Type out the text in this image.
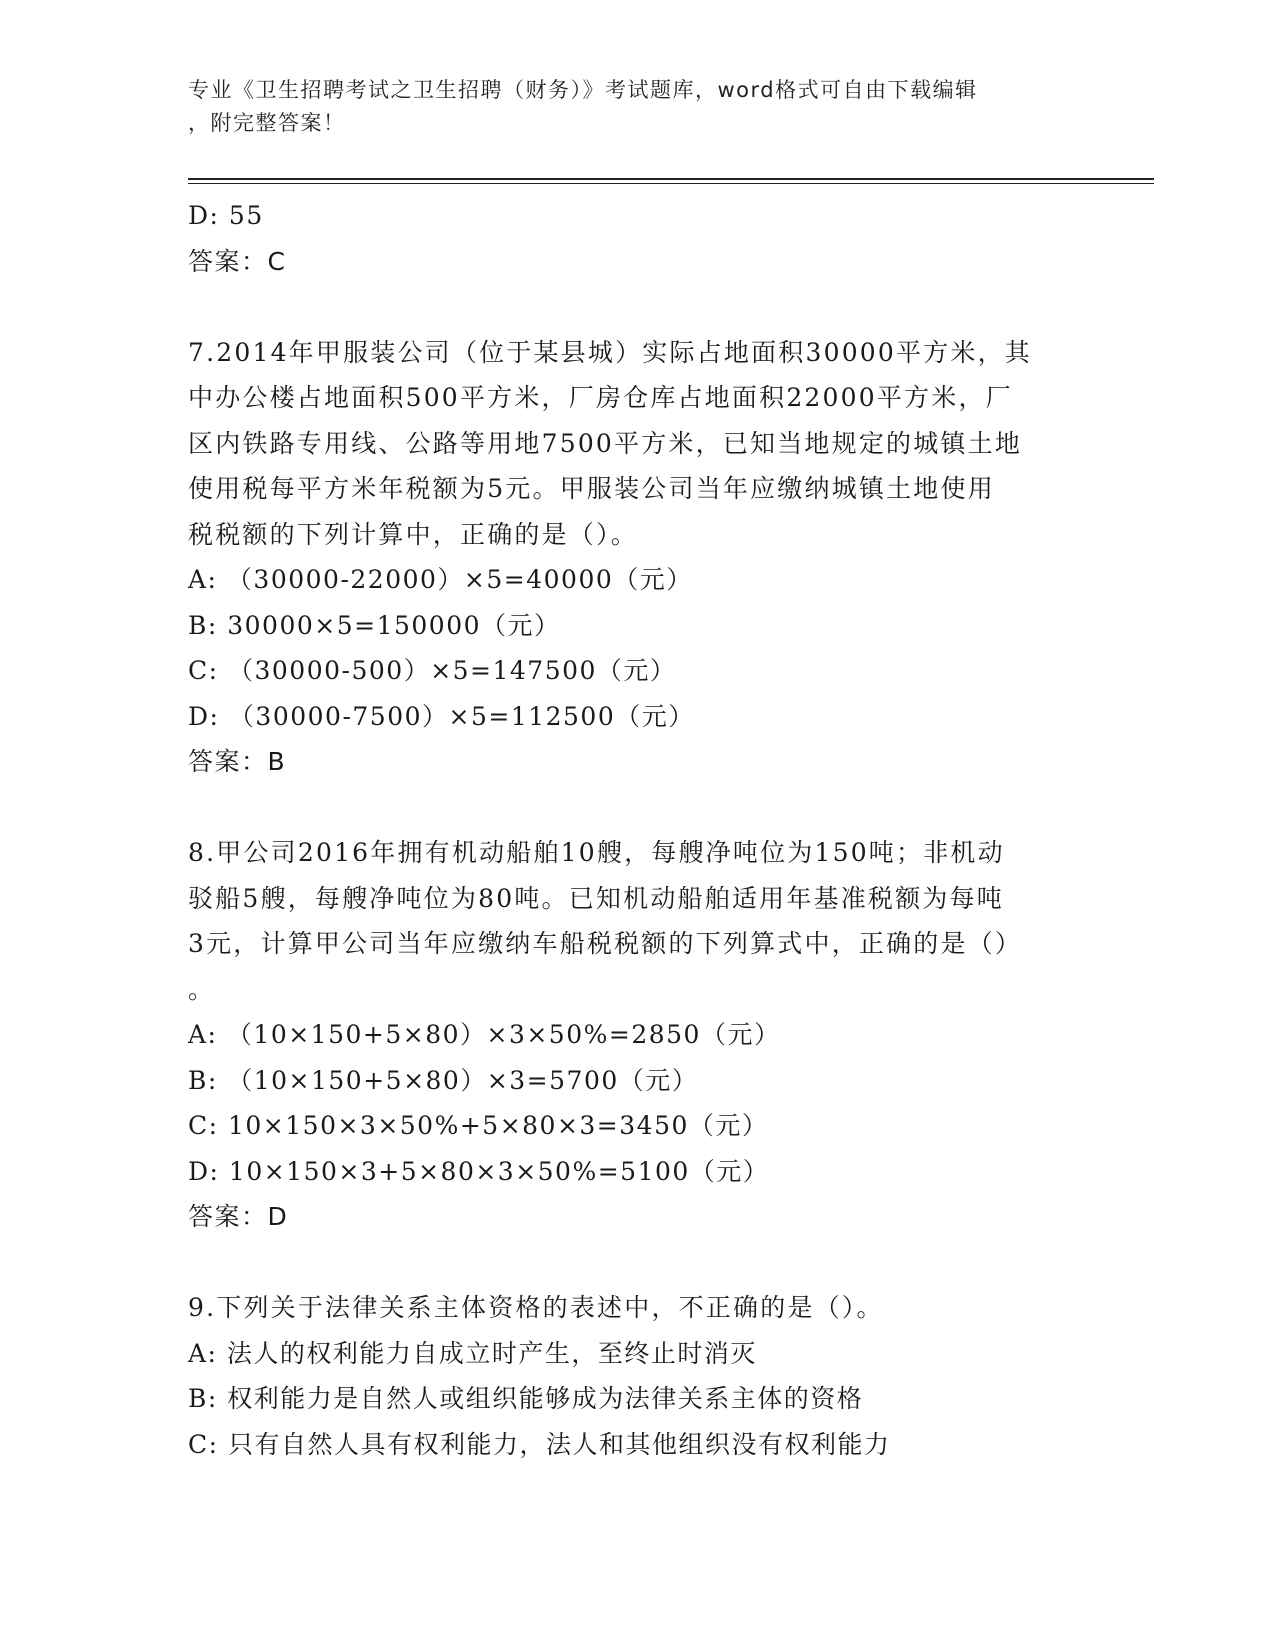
专业《卫生招聘考试之卫生招聘（财务）》考试题库，word格式可自由下载编辑
，附完整答案！
D: 55
答案：C
7.2014年甲服装公司（位于某县城）实际占地面积30000平方米，其
中办公楼占地面积500平方米，厂房仓库占地面积22000平方米，厂
区内铁路专用线、公路等用地7500平方米，已知当地规定的城镇土地
使用税每平方米年税额为5元。甲服装公司当年应缴纳城镇土地使用
税税额的下列计算中，正确的是（）。
A: （30000-22000）×5=40000（元）
B: 30000×5=150000（元）
C: （30000-500）×5=147500（元）
D: （30000-7500）×5=112500（元）
答案：B
8.甲公司2016年拥有机动船舶10艘，每艘净吨位为150吨；非机动
驳船5艘，每艘净吨位为80吨。已知机动船舶适用年基准税额为每吨
3元，计算甲公司当年应缴纳车船税税额的下列算式中，正确的是（）
。
A: （10×150+5×80）×3×50%=2850（元）
B: （10×150+5×80）×3=5700（元）
C: 10×150×3×50%+5×80×3=3450（元）
D: 10×150×3+5×80×3×50%=5100（元）
答案：D
9.下列关于法律关系主体资格的表述中，不正确的是（）。
A: 法人的权利能力自成立时产生，至终止时消灭
B: 权利能力是自然人或组织能够成为法律关系主体的资格
C: 只有自然人具有权利能力，法人和其他组织没有权利能力
